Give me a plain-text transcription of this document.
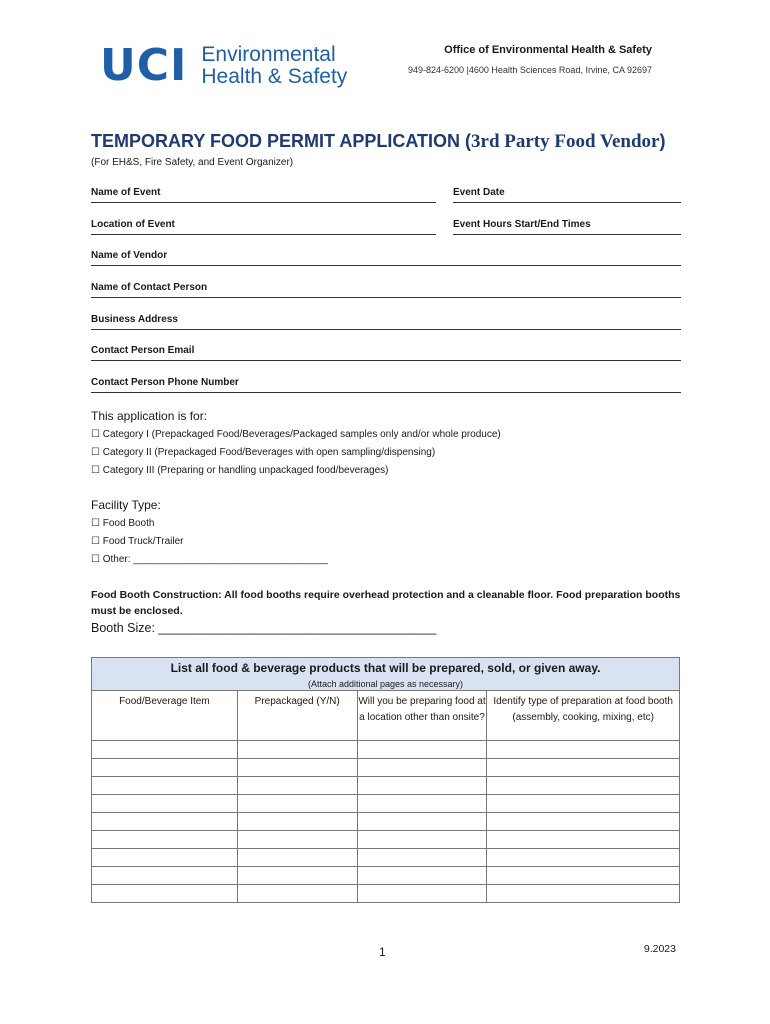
UCI Environmental
Health & Safety
Office of Environmental Health & Safety
949-824-6200 |4600 Health Sciences Road, Irvine, CA 92697
TEMPORARY FOOD PERMIT APPLICATION (3rd Party Food Vendor)
(For EH&S, Fire Safety, and Event Organizer)
Name of Event	Event Date
Location of Event	Event Hours Start/End Times
Name of Vendor
Name of Contact Person
Business Address
Contact Person Email
Contact Person Phone Number
This application is for:
☐ Category I (Prepackaged Food/Beverages/Packaged samples only and/or whole produce)
☐ Category II (Prepackaged Food/Beverages with open sampling/dispensing)
☐ Category III (Preparing or handling unpackaged food/beverages)
Facility Type:
☐ Food Booth
☐ Food Truck/Trailer
☐ Other: ___________________________________
Food Booth Construction: All food booths require overhead protection and a cleanable floor. Food preparation booths must be enclosed.
Booth Size: ________________________________________
List all food & beverage products that will be prepared, sold, or given away.			
(Attach additional pages as necessary)			
Food/Beverage Item	Prepackaged (Y/N)	Will you be preparing food at a location other than onsite?	Identify type of preparation at food booth (assembly, cooking, mixing, etc)

1	9.2023
